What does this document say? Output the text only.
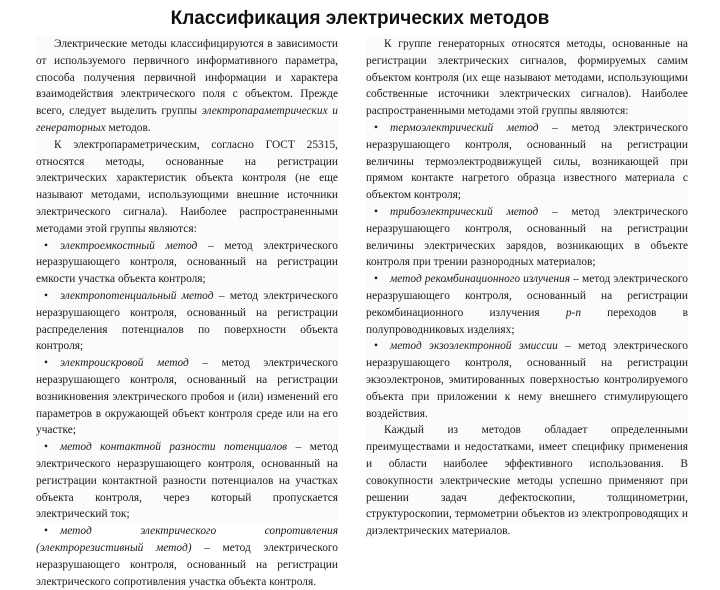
Классификация электрических методов

Электрические методы классифицируются в зависимости от используемого первичного информативного параметра, способа получения первичной информации и характера взаимодействия электрического поля с объектом. Прежде всего, следует выделить группы электропараметрических и генераторных методов.

К электропараметрическим, согласно ГОСТ 25315, относятся методы, основанные на регистрации электрических характеристик объекта контроля (не еще называют методами, использующими внешние источники электрического сигнала). Наиболее распространенными методами этой группы являются:

•электроемкостный метод – метод электрического неразрушающего контроля, основанный на регистрации емкости участка объекта контроля;

•электропотенциальный метод – метод электрического неразрушающего контроля, основанный на регистрации распределения потенциалов по поверхности объекта контроля;

•электроискровой метод – метод электрического неразрушающего контроля, основанный на регистрации возникновения электрического пробоя и (или) изменений его параметров в окружающей объект контроля среде или на его участке;

•метод контактной разности потенциалов – метод электрического неразрушающего контроля, основанный на регистрации контактной разности потенциалов на участках объекта контроля, через который пропускается электрический ток;

•метод электрического сопротивления (электрорезистивный метод) – метод электрического неразрушающего контроля, основанный на регистрации электрического сопротивления участка объекта контроля.

К группе генераторных относятся методы, основанные на регистрации электрических сигналов, формируемых самим объектом контроля (их еще называют методами, использующими собственные источники электрических сигналов). Наиболее распространенными методами этой группы являются:

•термоэлектрический метод – метод электрического неразрушающего контроля, основанный на регистрации величины термоэлектродвижущей силы, возникающей при прямом контакте нагретого образца известного материала с объектом контроля;

•трибоэлектрический метод – метод электрического неразрушающего контроля, основанный на регистрации величины электрических зарядов, возникающих в объекте контроля при трении разнородных материалов;

•метод рекомбинационного излучения – метод электрического неразрушающего контроля, основанный на регистрации рекомбинационного излучения p-n переходов в полупроводниковых изделиях;

•метод экзоэлектронной эмиссии – метод электрического неразрушающего контроля, основанный на регистрации экзоэлектронов, эмитированных поверхностью контролируемого объекта при приложении к нему внешнего стимулирующего воздействия.

Каждый из методов обладает определенными преимуществами и недостатками, имеет специфику применения и области наиболее эффективного использования. В совокупности электрические методы успешно применяют при решении задач дефектоскопии, толщинометрии, структуроскопии, термометрии объектов из электропроводящих и диэлектрических материалов.
